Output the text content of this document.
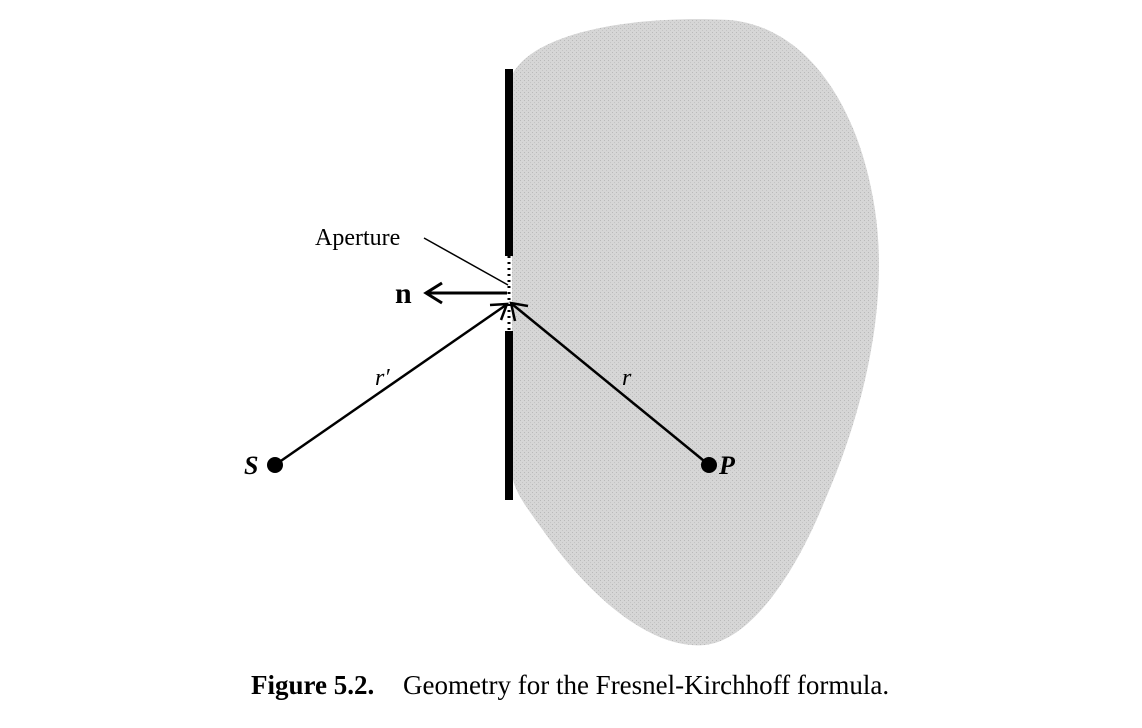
Aperture
n
r′	r
S	P
Figure 5.2. Geometry for the Fresnel-Kirchhoff formula.
